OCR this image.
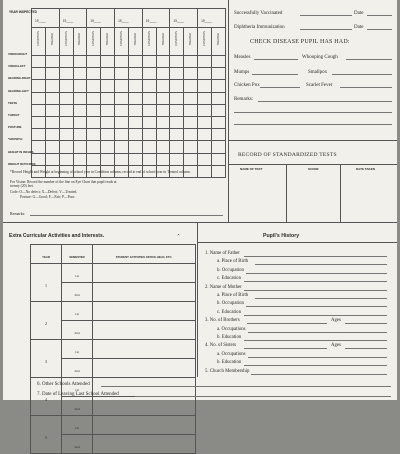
19____		19____		19____		19____		19____		19____		19____	
CONDITION	TREATED	CONDITION	TREATED	CONDITION	TREATED	CONDITION	TREATED	CONDITION	TREATED	CONDITION	TREATED	CONDITION	TREATED

YEAR INSPECTED
VISION-RIGHT
VISION-LEFT
HEARING-RIGHT
HEARING-LEFT
TEETH
THROAT
POSTURE
*GROWTH:
HEIGHT IN INCHES
WEIGHT IN POUNDS
*Record Height and Weight at beginning of school year in Condition column, record at end of school year in Treated column.
For Vision: Record the number of the line on Eye Chart that pupil reads at twenty (20) feet.
Code: O—No defect; X—Defect; V—Treated.
Posture: G—Good; F—Fair; P—Poor.
Remarks:
Successfully Vaccinated	Date
Diphtheria Immunization	Date
CHECK DISEASE PUPIL HAS HAD:
Measles	Whooping Cough
Mumps	Smallpox
Chicken Pox	Scarlet Fever
Remarks:
RECORD OF STANDARDIZED TESTS
NAME OF TEST	SCORE	DATE TAKEN
Extra Curricular Activities and Interests.	.•.
YEAR	SEMESTER	STUDENT ACTIVITIES OFFICE HELD, ETC.
1	1st	
	2nd	
2	1st	
	2nd	
3	1st	
	2nd	
4	1st	
	2nd	
5	1st	
	2nd	
Pupil's History
1. Name of Father
a. Place of Birth
b. Occupation
c. Education
2. Name of Mother
a. Place of Birth
b. Occupation
c. Education
3. No. of Brothers	Ages
a. Occupations
b. Education
4. No. of Sisters	Ages
a. Occupations
b. Education
5. Church Membership
6. Other Schools Attended
7. Date of Leaving Last School Attended
